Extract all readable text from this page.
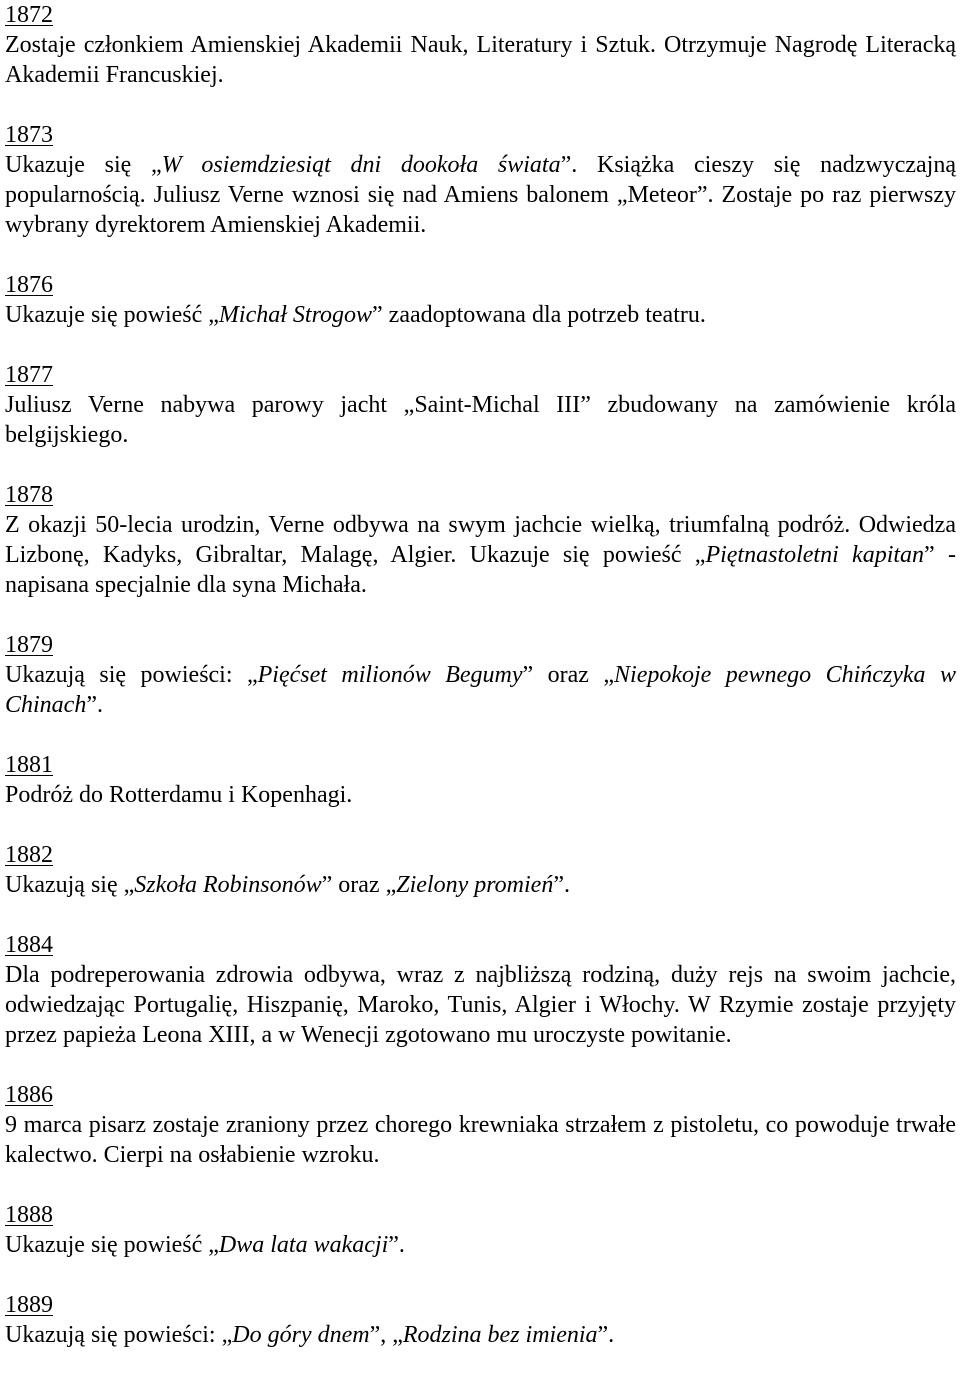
1872
Zostaje członkiem Amienskiej Akademii Nauk, Literatury i Sztuk. Otrzymuje Nagrodę Literacką Akademii Francuskiej.
1873
Ukazuje się „W osiemdziesiąt dni dookoła świata”. Książka cieszy się nadzwyczajną popularnością. Juliusz Verne wznosi się nad Amiens balonem „Meteor”. Zostaje po raz pierwszy wybrany dyrektorem Amienskiej Akademii.
1876
Ukazuje się powieść „Michał Strogow” zaadoptowana dla potrzeb teatru.
1877
Juliusz Verne nabywa parowy jacht „Saint-Michal III” zbudowany na zamówienie króla belgijskiego.
1878
Z okazji 50-lecia urodzin, Verne odbywa na swym jachcie wielką, triumfalną podróż. Odwiedza Lizbonę, Kadyks, Gibraltar, Malagę, Algier. Ukazuje się powieść „Piętnastoletni kapitan” - napisana specjalnie dla syna Michała.
1879
Ukazują się powieści: „Pięćset milionów Begumy” oraz „Niepokoje pewnego Chińczyka w Chinach”.
1881
Podróż do Rotterdamu i Kopenhagi.
1882
Ukazują się „Szkoła Robinsonów” oraz „Zielony promień”.
1884
Dla podreperowania zdrowia odbywa, wraz z najbliższą rodziną, duży rejs na swoim jachcie, odwiedzając Portugalię, Hiszpanię, Maroko, Tunis, Algier i Włochy. W Rzymie zostaje przyjęty przez papieża Leona XIII, a w Wenecji zgotowano mu uroczyste powitanie.
1886
9 marca pisarz zostaje zraniony przez chorego krewniaka strzałem z pistoletu, co powoduje trwałe kalectwo. Cierpi na osłabienie wzroku.
1888
Ukazuje się powieść „Dwa lata wakacji”.
1889
Ukazują się powieści: „Do góry dnem”, „Rodzina bez imienia”.
